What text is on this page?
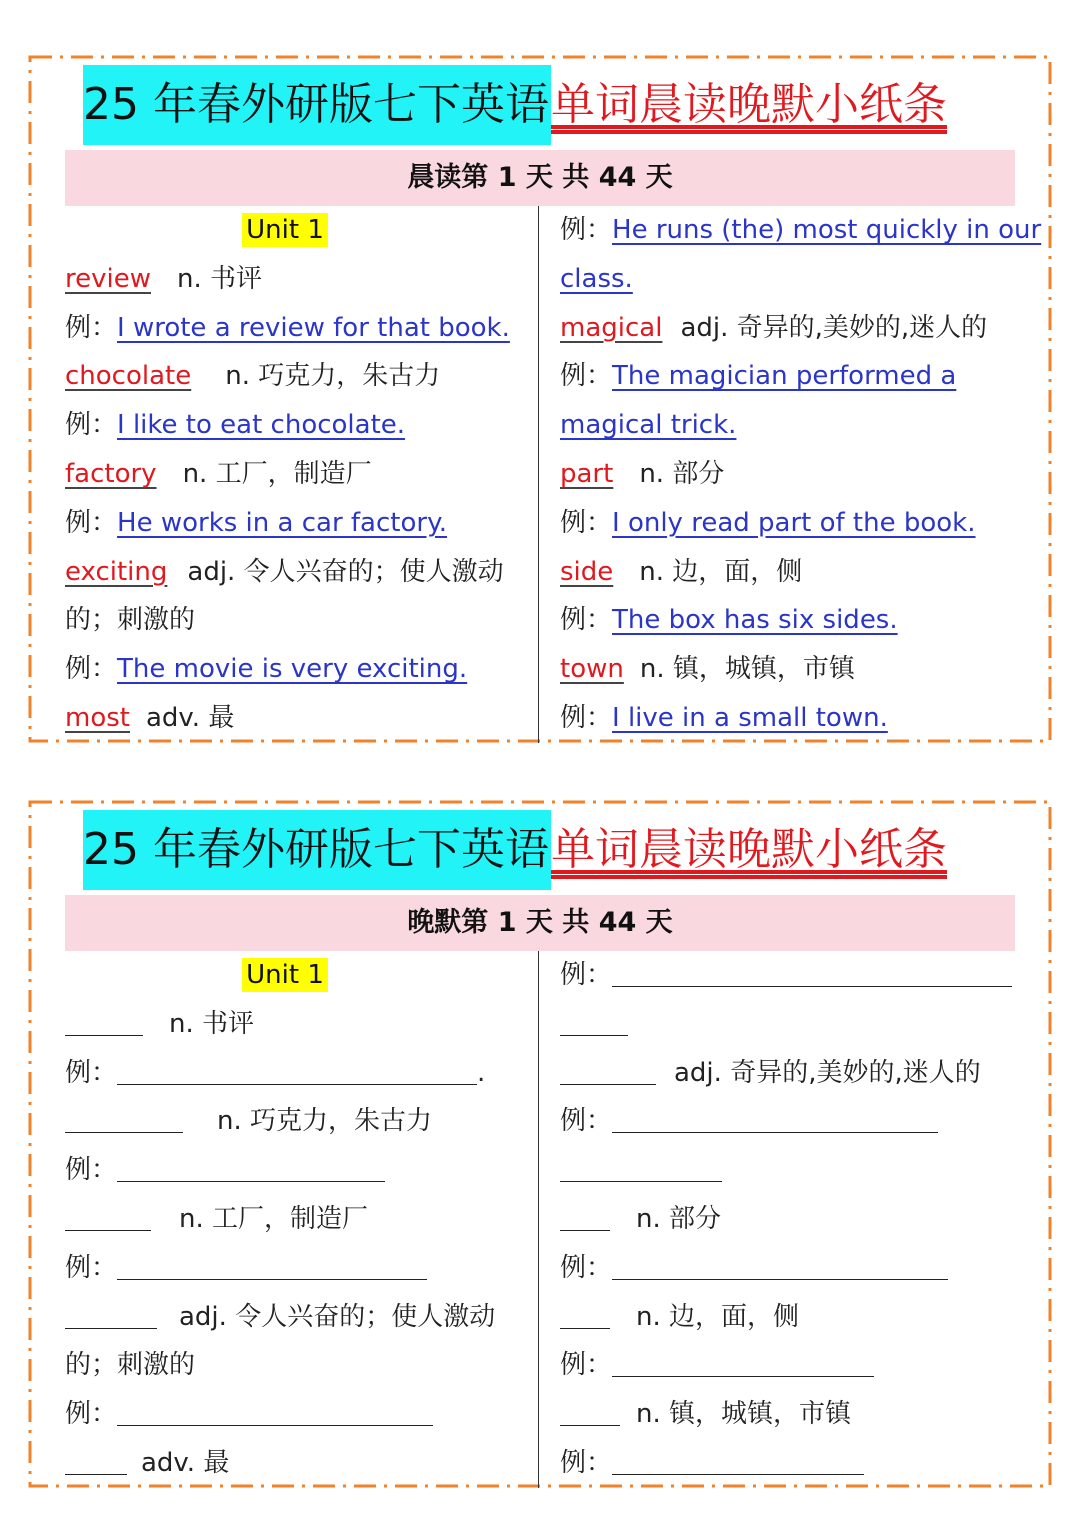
25 年春外研版七下英语单词晨读晚默小纸条
晨读第 1 天 共 44 天
Unit 1
review n. 书评
例：I wrote a review for that book.
chocolate n. 巧克力，朱古力
例：I like to eat chocolate.
factory n. 工厂，制造厂
例：He works in a car factory.
exciting adj. 令人兴奋的；使人激动
的；刺激的
例：The movie is very exciting.
most adv. 最
例：He runs (the) most quickly in our
class.
magical adj. 奇异的,美妙的,迷人的
例：The magician performed a
magical trick.
part n. 部分
例：I only read part of the book.
side n. 边，面，侧
例：The box has six sides.
town n. 镇，城镇，市镇
例：I live in a small town.
25 年春外研版七下英语单词晨读晚默小纸条
晚默第 1 天 共 44 天
Unit 1
n. 书评
例：	.
n. 巧克力，朱古力
例：
n. 工厂，制造厂
例：
adj. 令人兴奋的；使人激动
的；刺激的
例：
adv. 最
例：
adj. 奇异的,美妙的,迷人的
例：
n. 部分
例：
n. 边，面，侧
例：
n. 镇，城镇，市镇
例：
